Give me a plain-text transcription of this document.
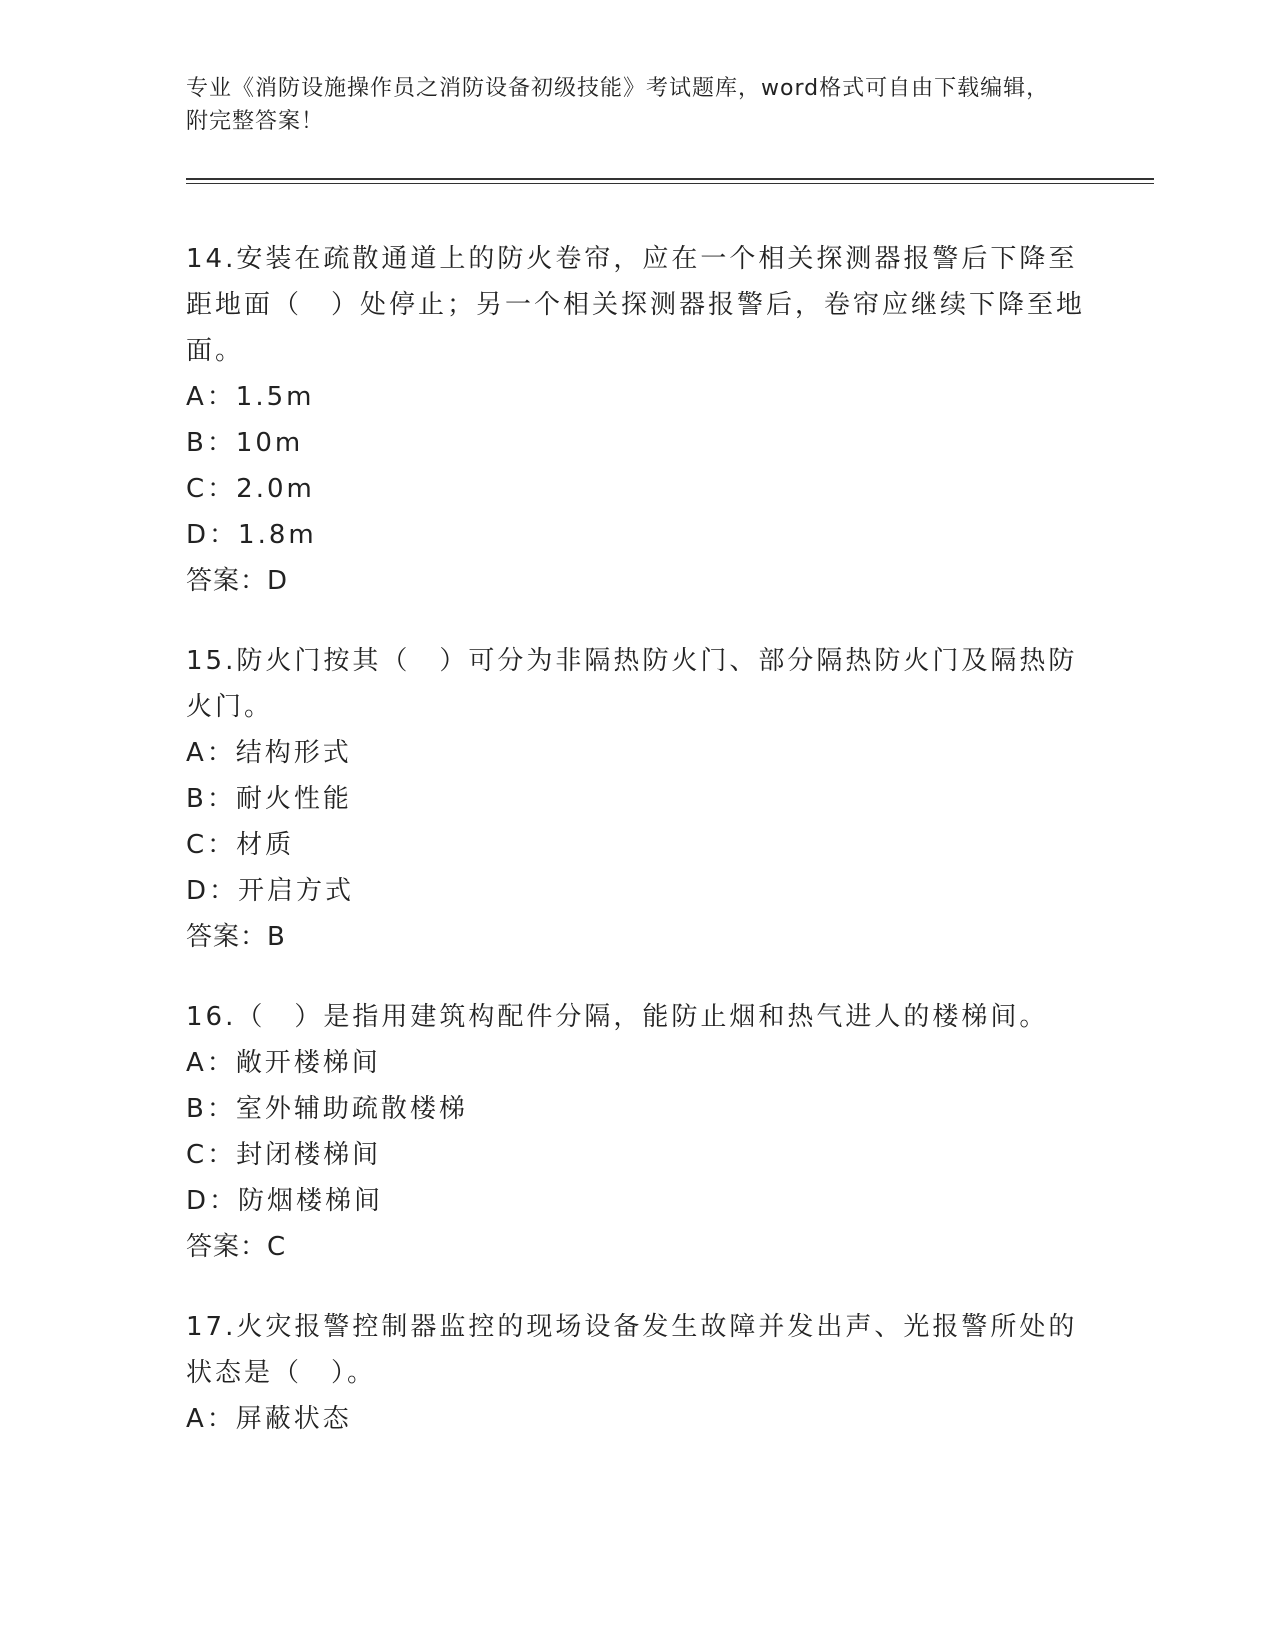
专业《消防设施操作员之消防设备初级技能》考试题库，word格式可自由下载编辑，附完整答案！
14.安装在疏散通道上的防火卷帘，应在一个相关探测器报警后下降至距地面（　）处停止；另一个相关探测器报警后，卷帘应继续下降至地面。
A：1.5m
B：10m
C：2.0m
D：1.8m
答案：D
15.防火门按其（　）可分为非隔热防火门、部分隔热防火门及隔热防火门。
A：结构形式
B：耐火性能
C：材质
D：开启方式
答案：B
16.（　）是指用建筑构配件分隔，能防止烟和热气进人的楼梯间。
A：敞开楼梯间
B：室外辅助疏散楼梯
C：封闭楼梯间
D：防烟楼梯间
答案：C
17.火灾报警控制器监控的现场设备发生故障并发出声、光报警所处的状态是（　）。
A：屏蔽状态
